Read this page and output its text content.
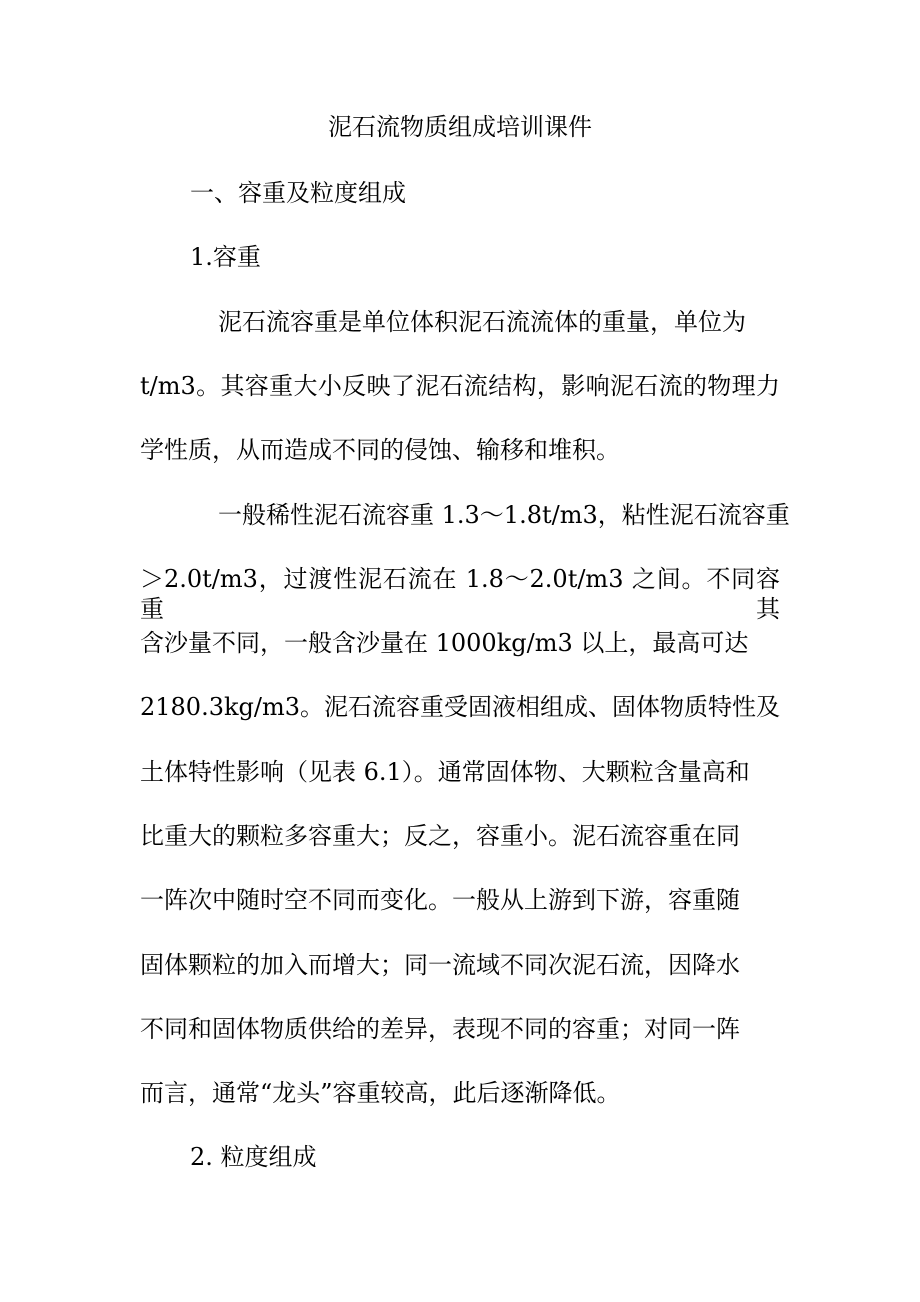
泥石流物质组成培训课件
一、容重及粒度组成
1.容重
泥石流容重是单位体积泥石流流体的重量，单位为
t/m3。其容重大小反映了泥石流结构，影响泥石流的物理力
学性质，从而造成不同的侵蚀、输移和堆积。
一般稀性泥石流容重 1.3～1.8t/m3，粘性泥石流容重
＞2.0t/m3，过渡性泥石流在 1.8～2.0t/m3 之间。不同容重其
含沙量不同，一般含沙量在 1000kg/m3 以上，最高可达
2180.3kg/m3。泥石流容重受固液相组成、固体物质特性及
土体特性影响（见表 6.1）。通常固体物、大颗粒含量高和
比重大的颗粒多容重大；反之，容重小。泥石流容重在同
一阵次中随时空不同而变化。一般从上游到下游，容重随
固体颗粒的加入而增大；同一流域不同次泥石流，因降水
不同和固体物质供给的差异，表现不同的容重；对同一阵
而言，通常“龙头”容重较高，此后逐渐降低。
2. 粒度组成
